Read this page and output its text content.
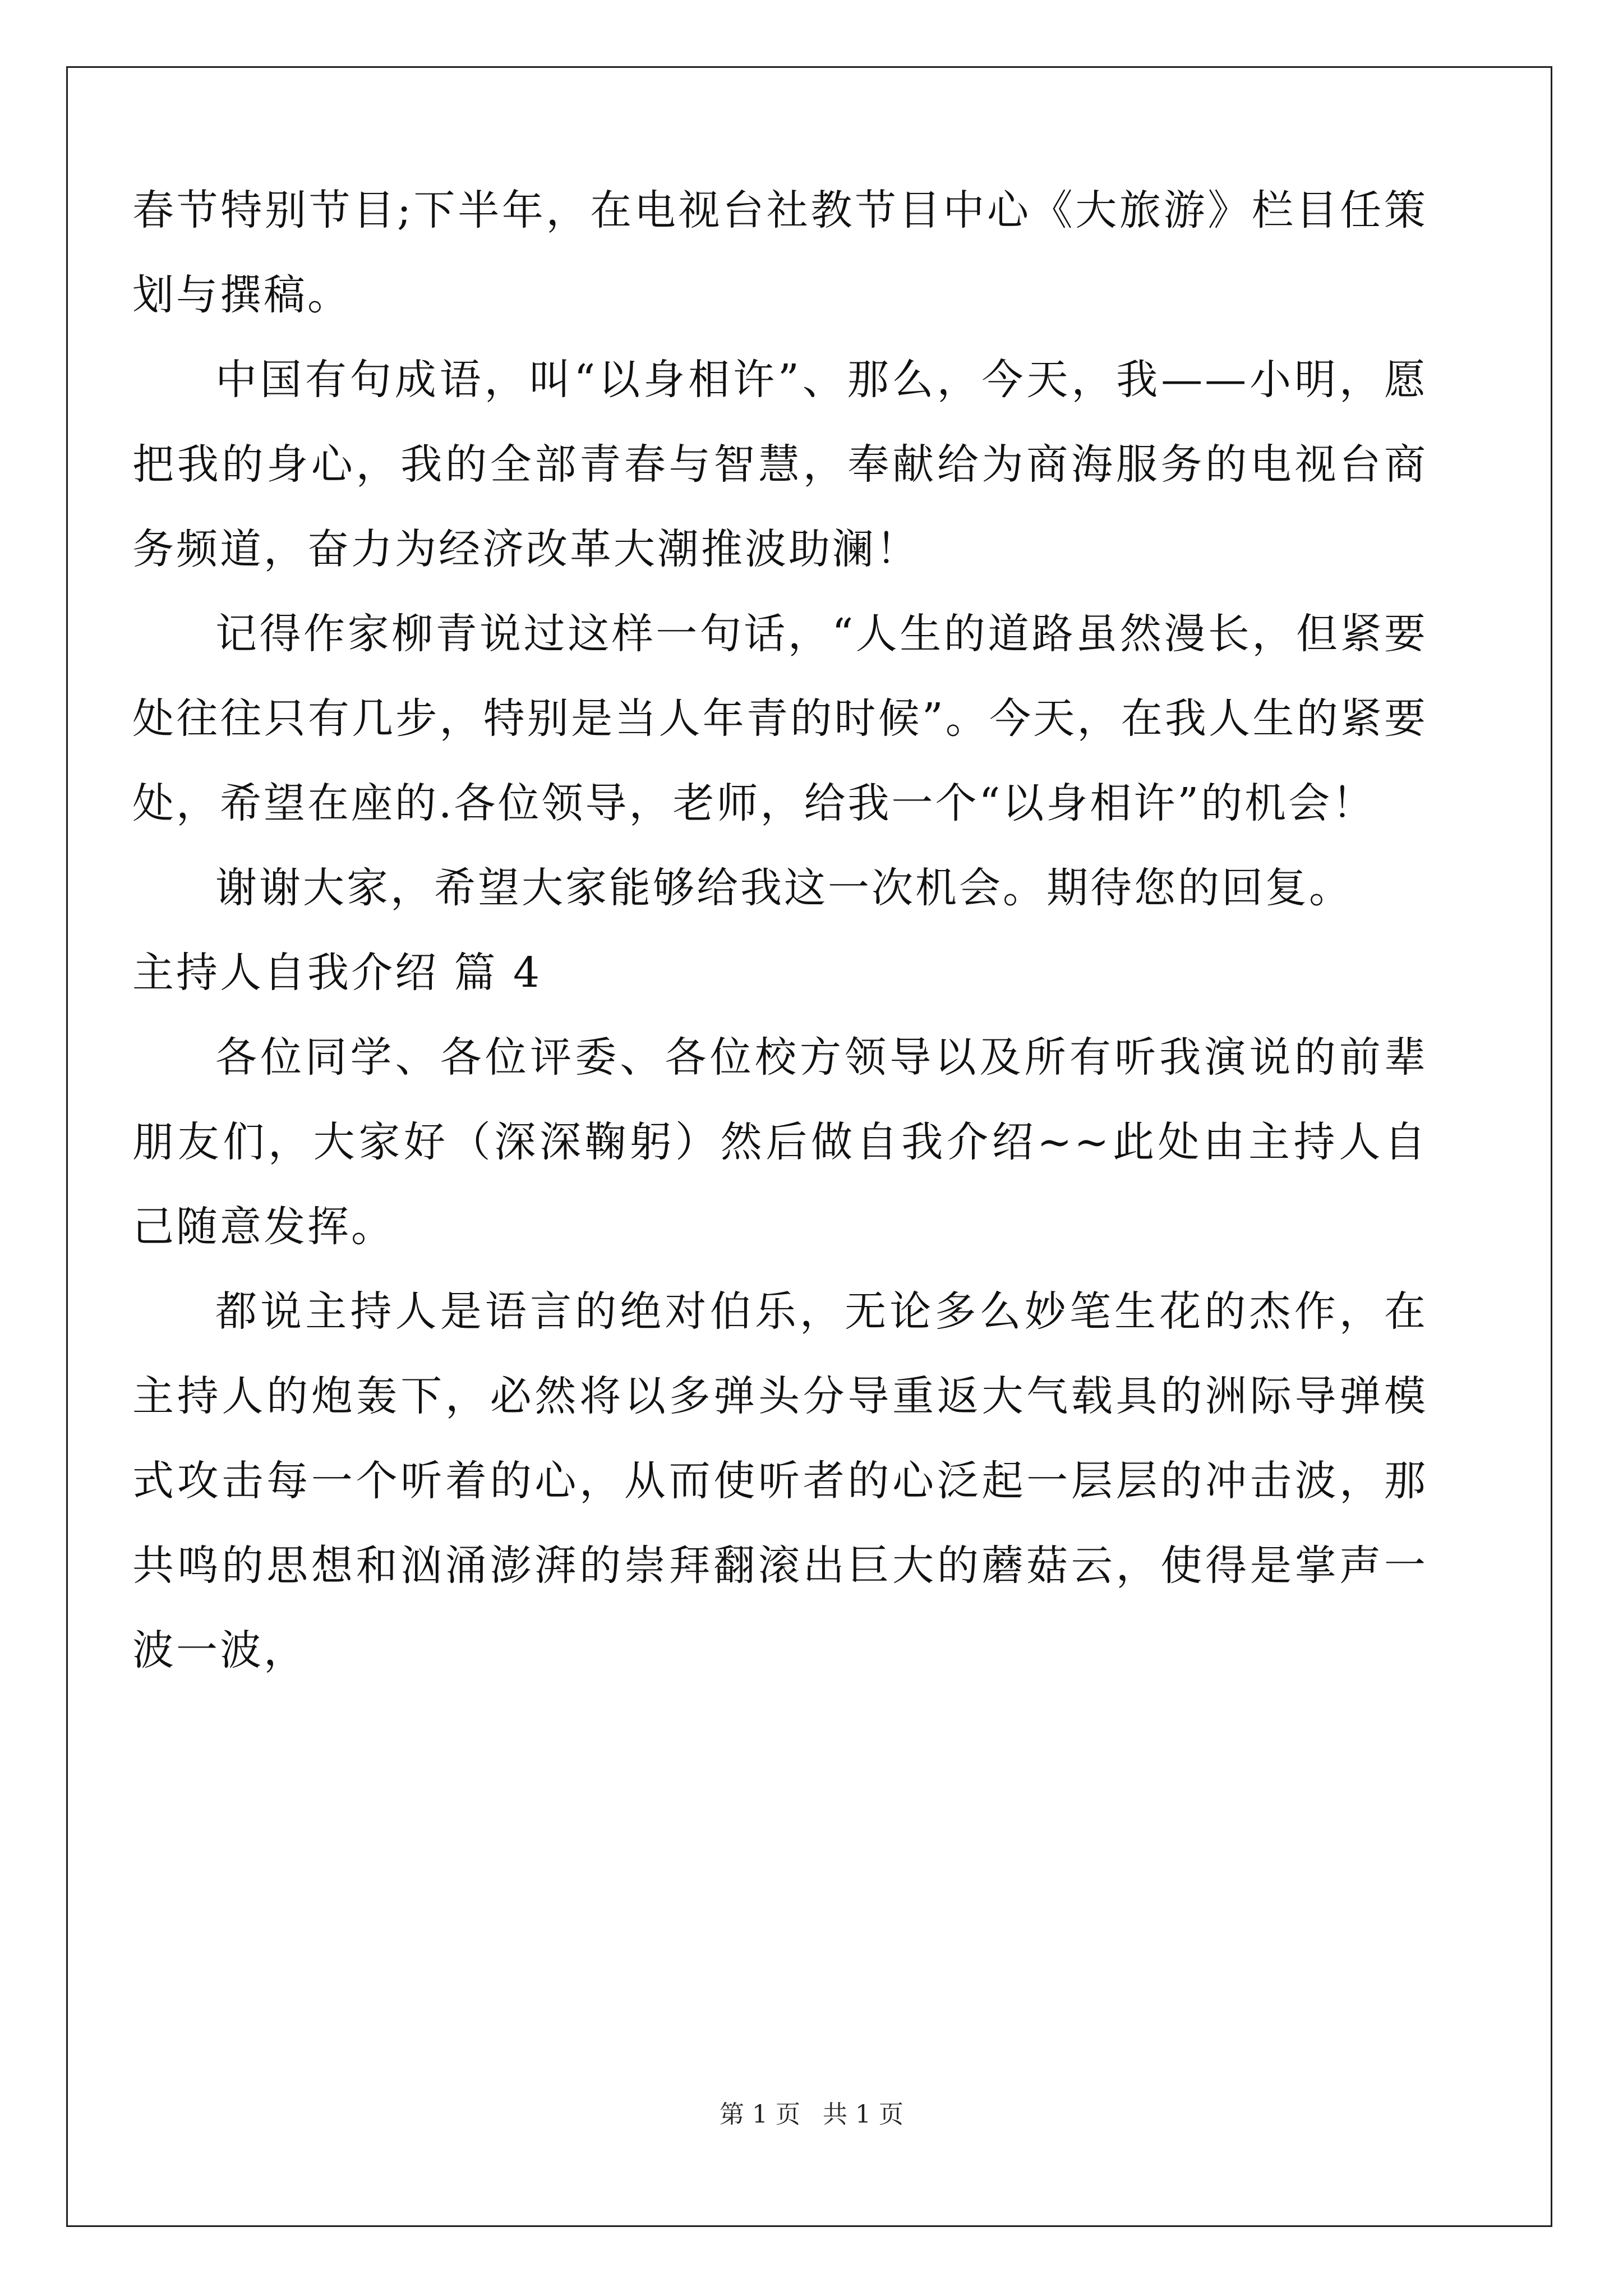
春节特别节目;下半年，在电视台社教节目中心《大旅游》栏目任策划与撰稿。

中国有句成语，叫“以身相许”、那么，今天，我——小明，愿把我的身心，我的全部青春与智慧，奉献给为商海服务的电视台商务频道，奋力为经济改革大潮推波助澜！

记得作家柳青说过这样一句话，“人生的道路虽然漫长，但紧要处往往只有几步，特别是当人年青的时候”。今天，在我人生的紧要处，希望在座的.各位领导，老师，给我一个“以身相许”的机会！

谢谢大家，希望大家能够给我这一次机会。期待您的回复。

主持人自我介绍 篇 4

各位同学、各位评委、各位校方领导以及所有听我演说的前辈朋友们，大家好（深深鞠躬）然后做自我介绍~~此处由主持人自己随意发挥。

都说主持人是语言的绝对伯乐，无论多么妙笔生花的杰作，在主持人的炮轰下，必然将以多弹头分导重返大气载具的洲际导弹模式攻击每一个听着的心，从而使听者的心泛起一层层的冲击波，那共鸣的思想和汹涌澎湃的崇拜翻滚出巨大的蘑菇云，使得是掌声一波一波，

第 1 页 共 1 页
